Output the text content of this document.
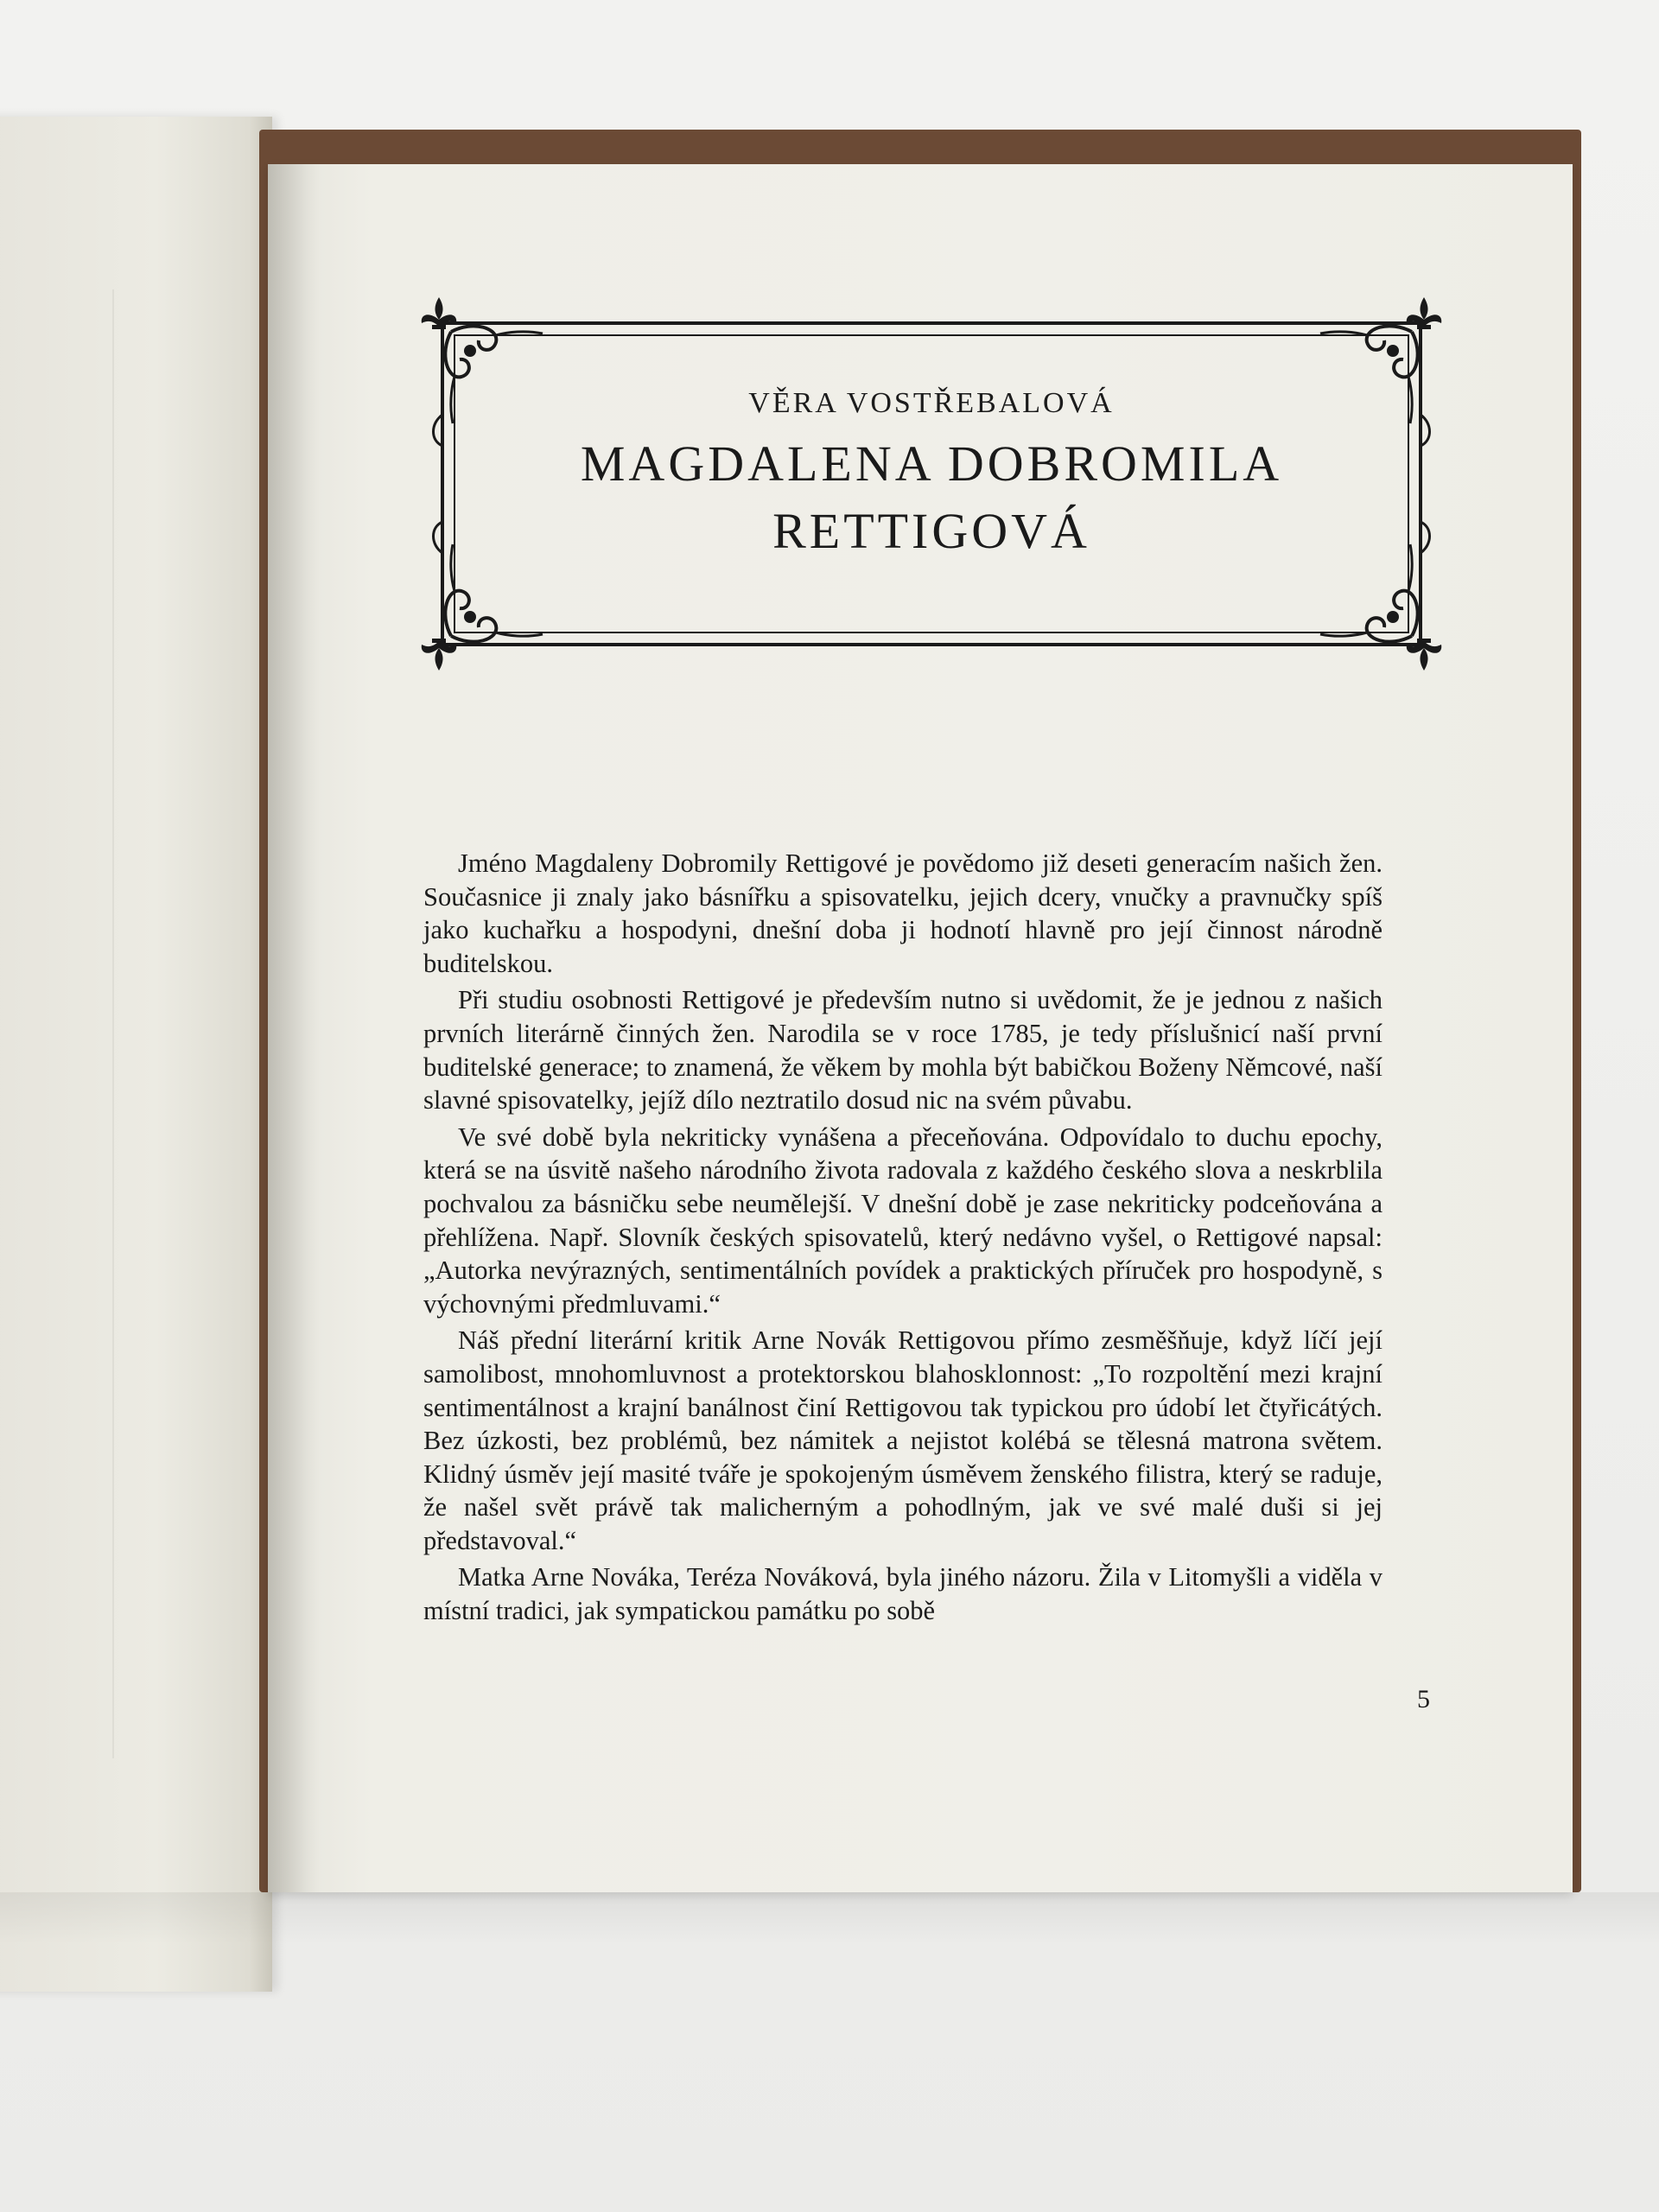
VĚRA VOSTŘEBALOVÁ
MAGDALENA DOBROMILA
RETTIGOVÁ

Jméno Magdaleny Dobromily Rettigové je povědomo již deseti generacím našich žen. Současnice ji znaly jako básnířku a spisovatelku, jejich dcery, vnučky a pravnučky spíš jako kuchařku a hospodyni, dnešní doba ji hodnotí hlavně pro její činnost národně buditelskou.

Při studiu osobnosti Rettigové je především nutno si uvědomit, že je jednou z našich prvních literárně činných žen. Narodila se v roce 1785, je tedy příslušnicí naší první buditelské generace; to znamená, že věkem by mohla být babičkou Boženy Němcové, naší slavné spisovatelky, jejíž dílo neztratilo dosud nic na svém půvabu.

Ve své době byla nekriticky vynášena a přeceňována. Odpovídalo to duchu epochy, která se na úsvitě našeho národního života radovala z každého českého slova a neskrblila pochvalou za básničku sebe neumělejší. V dnešní době je zase nekriticky podceňována a přehlížena. Např. Slovník českých spisovatelů, který nedávno vyšel, o Rettigové napsal: „Autorka nevýrazných, sentimentálních povídek a praktických příruček pro hospodyně, s výchovnými předmluvami.“

Náš přední literární kritik Arne Novák Rettigovou přímo zesměšňuje, když líčí její samolibost, mnohomluvnost a protektorskou blahosklonnost: „To rozpoltění mezi krajní sentimentálnost a krajní banálnost činí Rettigovou tak typickou pro údobí let čtyřicátých. Bez úzkosti, bez problémů, bez námitek a nejistot kolébá se tělesná matrona světem. Klidný úsměv její masité tváře je spokojeným úsměvem ženského filistra, který se raduje, že našel svět právě tak malicherným a pohodlným, jak ve své malé duši si jej představoval.“

Matka Arne Nováka, Teréza Nováková, byla jiného názoru. Žila v Litomyšli a viděla v místní tradici, jak sympatickou památku po sobě

5
